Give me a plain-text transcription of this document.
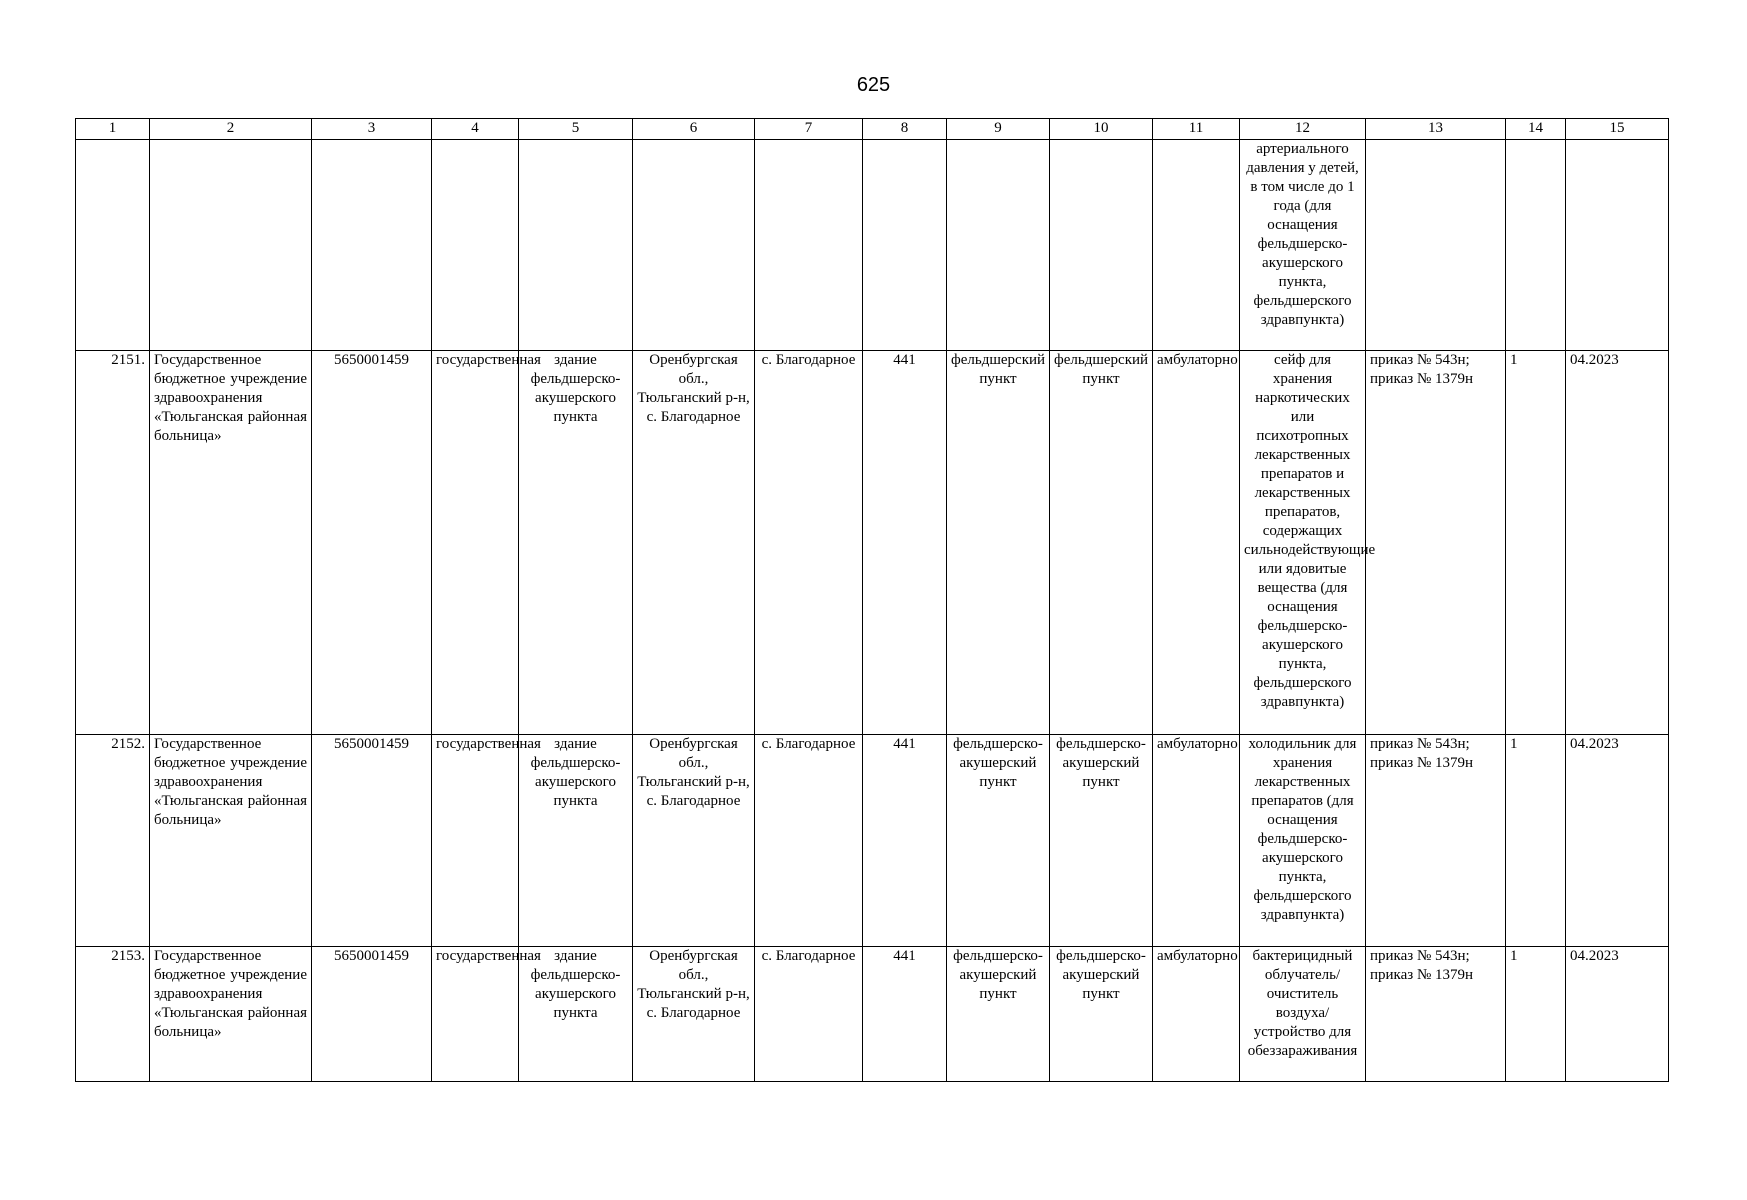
625
1	2	3	4	5	6	7	8	9	10	11	12	13	14	15
											артериального давления у детей, в том числе до 1 года (для оснащения фельдшерско-акушерского пункта, фельдшерского здравпункта)			
2151.	Государственное бюджетное учреждение здравоохранения «Тюльганская районная больница»	5650001459	государственная	здание фельдшерско-акушерского пункта	Оренбургская обл., Тюльганский р-н, с. Благодарное	с. Благодарное	441	фельдшерский пункт	фельдшерский пункт	амбулаторно	сейф для хранения наркотических или психотропных лекарственных препаратов и лекарственных препаратов, содержащих сильнодействующие или ядовитые вещества (для оснащения фельдшерско-акушерского пункта, фельдшерского здравпункта)	приказ № 543н; приказ № 1379н	1	04.2023
2152.	Государственное бюджетное учреждение здравоохранения «Тюльганская районная больница»	5650001459	государственная	здание фельдшерско-акушерского пункта	Оренбургская обл., Тюльганский р-н, с. Благодарное	с. Благодарное	441	фельдшерско-акушерский пункт	фельдшерско-акушерский пункт	амбулаторно	холодильник для хранения лекарственных препаратов (для оснащения фельдшерско-акушерского пункта, фельдшерского здравпункта)	приказ № 543н; приказ № 1379н	1	04.2023
2153.	Государственное бюджетное учреждение здравоохранения «Тюльганская районная больница»	5650001459	государственная	здание фельдшерско-акушерского пункта	Оренбургская обл., Тюльганский р-н, с. Благодарное	с. Благодарное	441	фельдшерско-акушерский пункт	фельдшерско-акушерский пункт	амбулаторно	бактерицидный облучатель/очиститель воздуха/устройство для обеззараживания	приказ № 543н; приказ № 1379н	1	04.2023
